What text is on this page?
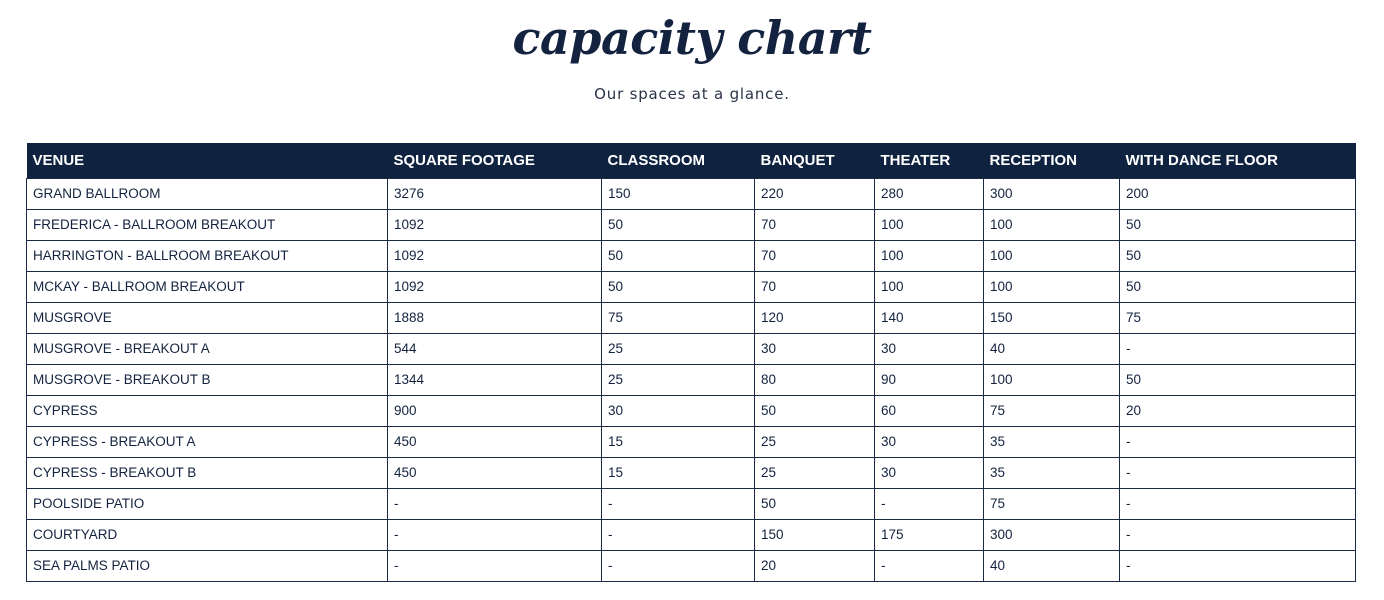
capacity chart

Our spaces at a glance.

VENUE	SQUARE FOOTAGE	CLASSROOM	BANQUET	THEATER	RECEPTION	WITH DANCE FLOOR
GRAND BALLROOM	3276	150	220	280	300	200
FREDERICA - BALLROOM BREAKOUT	1092	50	70	100	100	50
HARRINGTON - BALLROOM BREAKOUT	1092	50	70	100	100	50
MCKAY - BALLROOM BREAKOUT	1092	50	70	100	100	50
MUSGROVE	1888	75	120	140	150	75
MUSGROVE - BREAKOUT A	544	25	30	30	40	-
MUSGROVE - BREAKOUT B	1344	25	80	90	100	50
CYPRESS	900	30	50	60	75	20
CYPRESS - BREAKOUT A	450	15	25	30	35	-
CYPRESS - BREAKOUT B	450	15	25	30	35	-
POOLSIDE PATIO	-	-	50	-	75	-
COURTYARD	-	-	150	175	300	-
SEA PALMS PATIO	-	-	20	-	40	-
